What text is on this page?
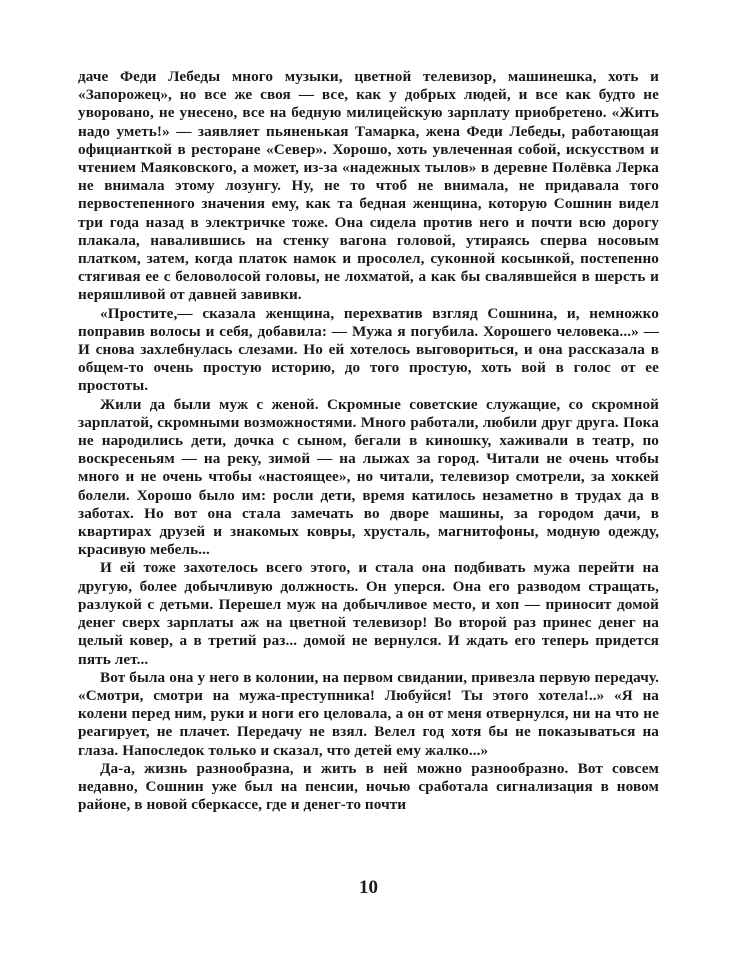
даче Феди Лебеды много музыки, цветной телевизор, машинешка, хоть и «Запорожец», но все же своя — все, как у добрых людей, и все как будто не уворовано, не унесено, все на бедную милицейскую зарплату приобретено. «Жить надо уметь!» — заявляет пьяненькая Тамарка, жена Феди Лебеды, работающая официанткой в ресторане «Север». Хорошо, хоть увлеченная собой, искусством и чтением Маяковского, а может, из-за «надежных тылов» в деревне Полёвка Лерка не внимала этому лозунгу. Ну, не то чтоб не внимала, не придавала того первостепенного значения ему, как та бедная женщина, которую Сошнин видел три года назад в электричке тоже. Она сидела против него и почти всю дорогу плакала, навалившись на стенку вагона головой, утираясь сперва носовым платком, затем, когда платок намок и просолел, суконной косынкой, постепенно стягивая ее с беловолосой головы, не лохматой, а как бы свалявшейся в шерсть и неряшливой от давней завивки.

«Простите,— сказала женщина, перехватив взгляд Сошнина, и, немножко поправив волосы и себя, добавила: — Мужа я погубила. Хорошего человека...» — И снова захлебнулась слезами. Но ей хотелось выговориться, и она рассказала в общем-то очень простую историю, до того простую, хоть вой в голос от ее простоты.

Жили да были муж с женой. Скромные советские служащие, со скромной зарплатой, скромными возможностями. Много работали, любили друг друга. Пока не народились дети, дочка с сыном, бегали в киношку, хаживали в театр, по воскресеньям — на реку, зимой — на лыжах за город. Читали не очень чтобы много и не очень чтобы «настоящее», но читали, телевизор смотрели, за хоккей болели. Хорошо было им: росли дети, время катилось незаметно в трудах да в заботах. Но вот она стала замечать во дворе машины, за городом дачи, в квартирах друзей и знакомых ковры, хрусталь, магнитофоны, модную одежду, красивую мебель...

И ей тоже захотелось всего этого, и стала она подбивать мужа перейти на другую, более добычливую должность. Он уперся. Она его разводом стращать, разлукой с детьми. Перешел муж на добычливое место, и хоп — приносит домой денег сверх зарплаты аж на цветной телевизор! Во второй раз принес денег на целый ковер, а в третий раз... домой не вернулся. И ждать его теперь придется пять лет...

Вот была она у него в колонии, на первом свидании, привезла первую передачу. «Смотри, смотри на мужа-преступника! Любуйся! Ты этого хотела!..» «Я на колени перед ним, руки и ноги его целовала, а он от меня отвернулся, ни на что не реагирует, не плачет. Передачу не взял. Велел год хотя бы не показываться на глаза. Напоследок только и сказал, что детей ему жалко...»

Да-а, жизнь разнообразна, и жить в ней можно разнообразно. Вот совсем недавно, Сошнин уже был на пенсии, ночью сработала сигнализация в новом районе, в новой сберкассе, где и денег-то почти

10
